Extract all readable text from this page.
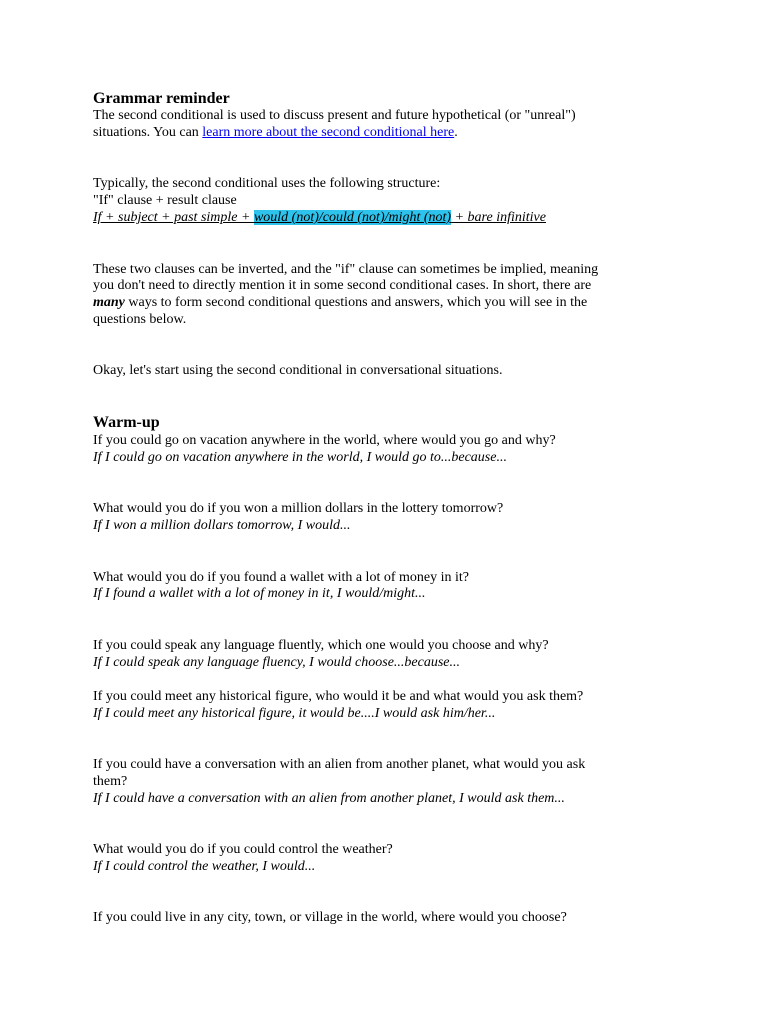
Grammar reminder
The second conditional is used to discuss present and future hypothetical (or "unreal")
situations. You can learn more about the second conditional here.
Typically, the second conditional uses the following structure:
"If" clause + result clause
If + subject + past simple + would (not)/could (not)/might (not) + bare infinitive
These two clauses can be inverted, and the "if" clause can sometimes be implied, meaning
you don't need to directly mention it in some second conditional cases. In short, there are
many ways to form second conditional questions and answers, which you will see in the
questions below.
Okay, let's start using the second conditional in conversational situations.
Warm-up
If you could go on vacation anywhere in the world, where would you go and why?
If I could go on vacation anywhere in the world, I would go to...because...
What would you do if you won a million dollars in the lottery tomorrow?
If I won a million dollars tomorrow, I would...
What would you do if you found a wallet with a lot of money in it?
If I found a wallet with a lot of money in it, I would/might...
If you could speak any language fluently, which one would you choose and why?
If I could speak any language fluency, I would choose...because...
If you could meet any historical figure, who would it be and what would you ask them?
If I could meet any historical figure, it would be....I would ask him/her...
If you could have a conversation with an alien from another planet, what would you ask
them?
If I could have a conversation with an alien from another planet, I would ask them...
What would you do if you could control the weather?
If I could control the weather, I would...
If you could live in any city, town, or village in the world, where would you choose?
